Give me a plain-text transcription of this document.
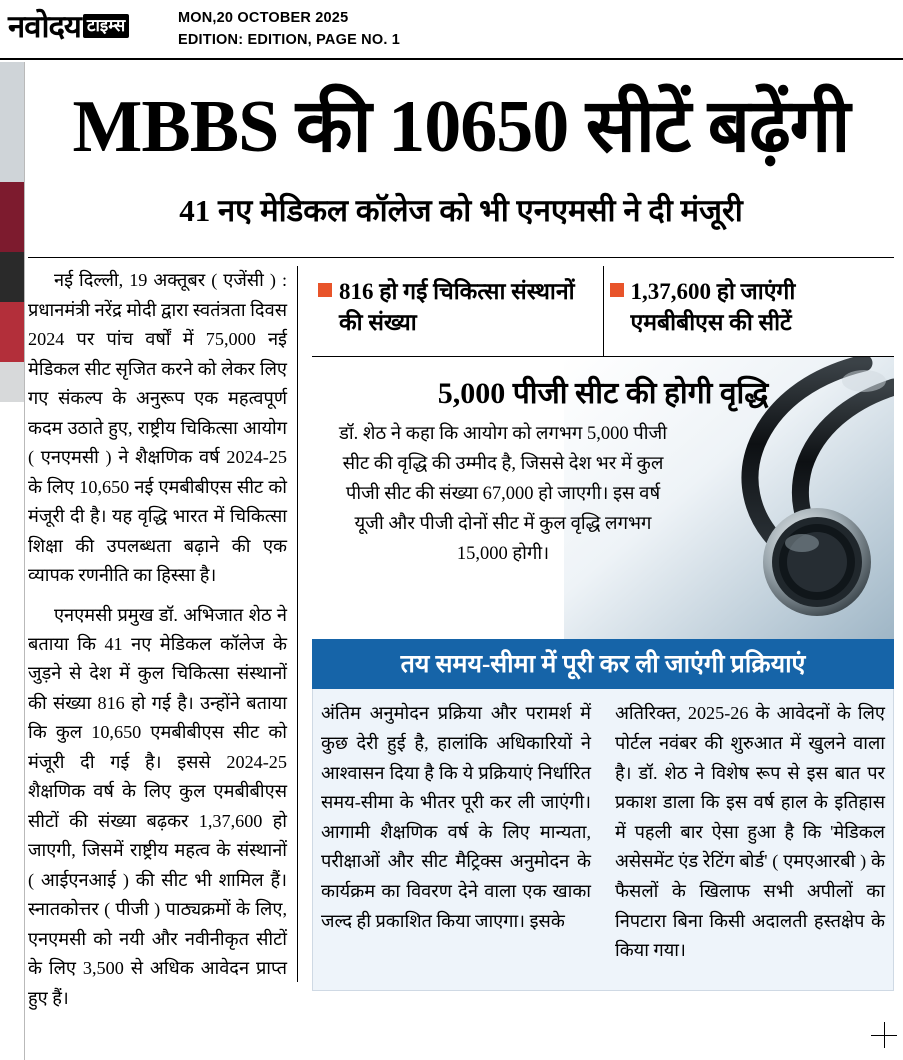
नवोदय टाइम्स	MON,20 OCTOBER 2025
EDITION: EDITION, PAGE NO. 1
MBBS की 10650 सीटें बढ़ेंगी
41 नए मेडिकल कॉलेज को भी एनएमसी ने दी मंजूरी

नई दिल्ली, 19 अक्तूबर ( एजेंसी ) : प्रधानमंत्री नरेंद्र मोदी द्वारा स्वतंत्रता दिवस 2024 पर पांच वर्षों में 75,000 नई मेडिकल सीट सृजित करने को लेकर लिए गए संकल्प के अनुरूप एक महत्वपूर्ण कदम उठाते हुए, राष्ट्रीय चिकित्सा आयोग ( एनएमसी ) ने शैक्षणिक वर्ष 2024-25 के लिए 10,650 नई एमबीबीएस सीट को मंजूरी दी है। यह वृद्धि भारत में चिकित्सा शिक्षा की उपलब्धता बढ़ाने की एक व्यापक रणनीति का हिस्सा है।

एनएमसी प्रमुख डॉ. अभिजात शेठ ने बताया कि 41 नए मेडिकल कॉलेज के जुड़ने से देश में कुल चिकित्सा संस्थानों की संख्या 816 हो गई है। उन्होंने बताया कि कुल 10,650 एमबीबीएस सीट को मंजूरी दी गई है। इससे 2024-25 शैक्षणिक वर्ष के लिए कुल एमबीबीएस सीटों की संख्या बढ़कर 1,37,600 हो जाएगी, जिसमें राष्ट्रीय महत्व के संस्थानों ( आईएनआई ) की सीट भी शामिल हैं। स्नातकोत्तर ( पीजी ) पाठ्यक्रमों के लिए, एनएमसी को नयी और नवीनीकृत सीटों के लिए 3,500 से अधिक आवेदन प्राप्त हुए हैं।

816 हो गई चिकित्सा संस्थानों की संख्या
1,37,600 हो जाएंगी एमबीबीएस की सीटें
5,000 पीजी सीट की होगी वृद्धि
डॉ. शेठ ने कहा कि आयोग को लगभग 5,000 पीजी सीट की वृद्धि की उम्मीद है, जिससे देश भर में कुल पीजी सीट की संख्या 67,000 हो जाएगी। इस वर्ष यूजी और पीजी दोनों सीट में कुल वृद्धि लगभग 15,000 होगी।
तय समय-सीमा में पूरी कर ली जाएंगी प्रक्रियाएं
अंतिम अनुमोदन प्रक्रिया और परामर्श में कुछ देरी हुई है, हालांकि अधिकारियों ने आश्वासन दिया है कि ये प्रक्रियाएं निर्धारित समय-सीमा के भीतर पूरी कर ली जाएंगी। आगामी शैक्षणिक वर्ष के लिए मान्यता, परीक्षाओं और सीट मैट्रिक्स अनुमोदन के कार्यक्रम का विवरण देने वाला एक खाका जल्द ही प्रकाशित किया जाएगा। इसके
अतिरिक्त, 2025-26 के आवेदनों के लिए पोर्टल नवंबर की शुरुआत में खुलने वाला है। डॉ. शेठ ने विशेष रूप से इस बात पर प्रकाश डाला कि इस वर्ष हाल के इतिहास में पहली बार ऐसा हुआ है कि 'मेडिकल असेसमेंट एंड रेटिंग बोर्ड' ( एमएआरबी ) के फैसलों के खिलाफ सभी अपीलों का निपटारा बिना किसी अदालती हस्तक्षेप के किया गया।
